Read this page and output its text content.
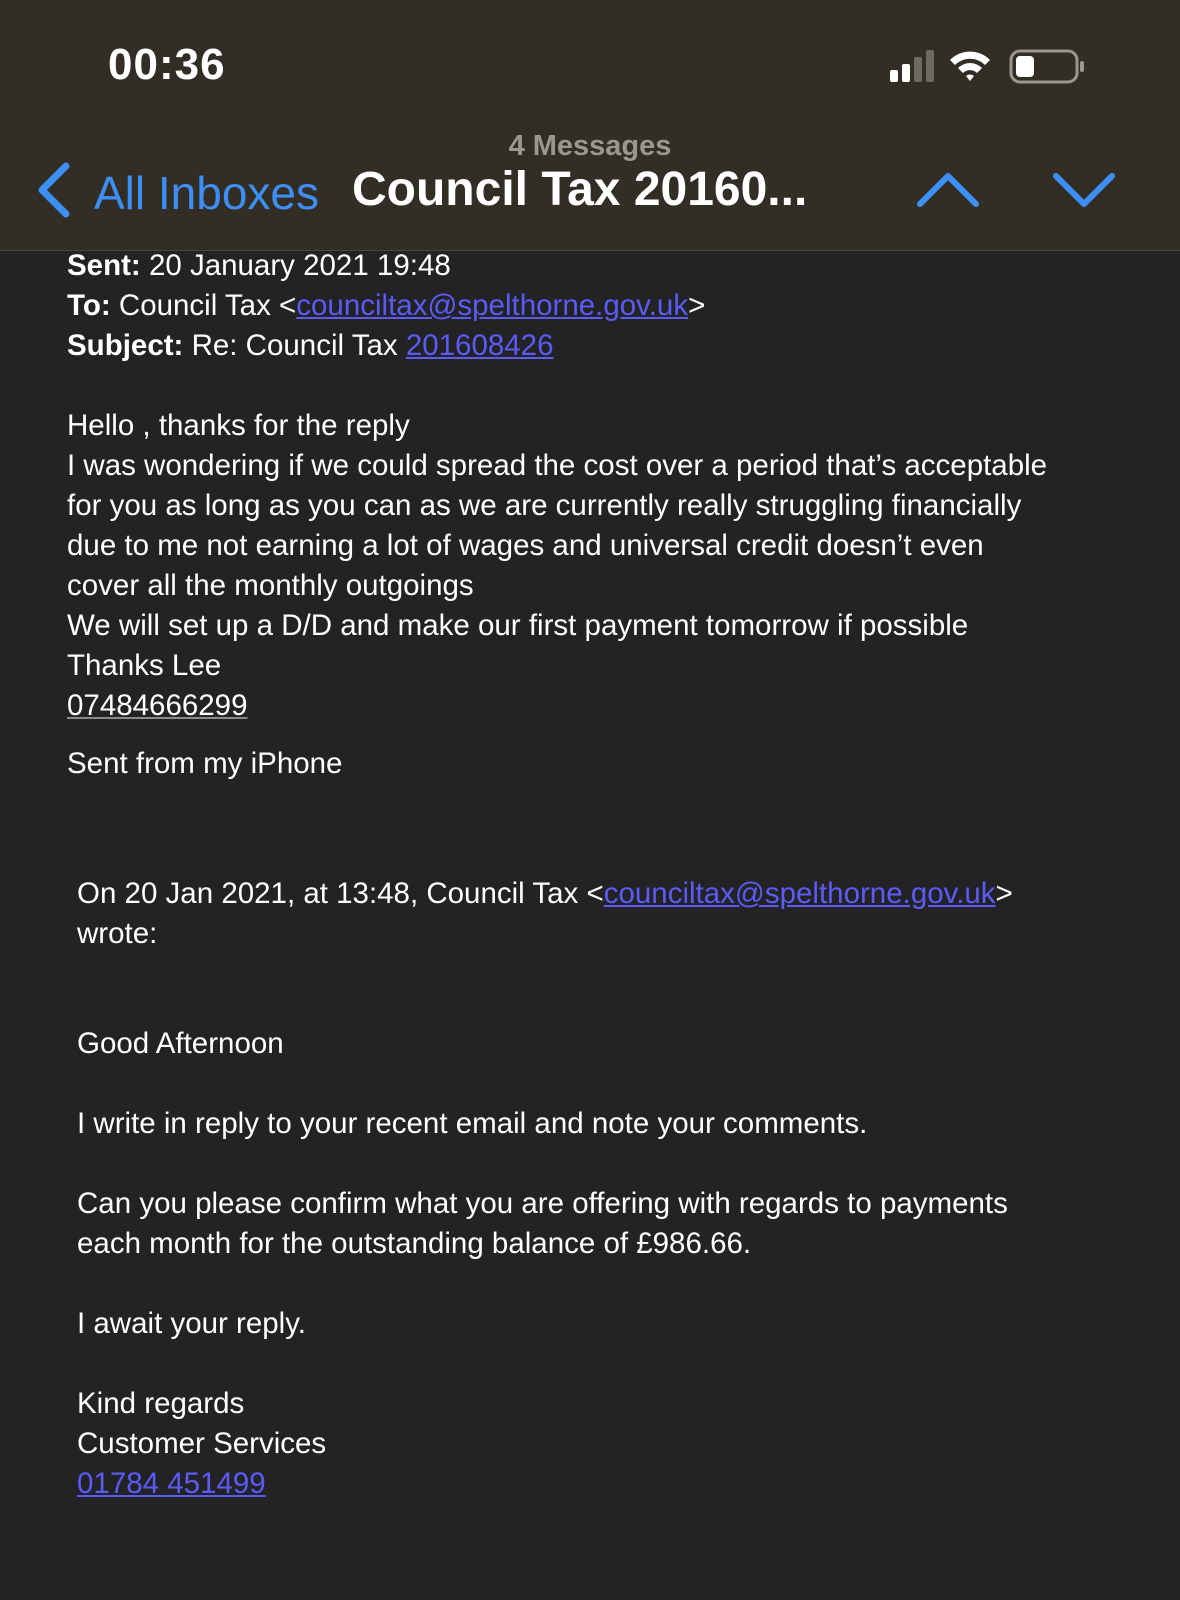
00:36
4 Messages
All Inboxes Council Tax 20160...

Sent: 20 January 2021 19:48

To: Council Tax <counciltax@spelthorne.gov.uk>

Subject: Re: Council Tax 201608426

Hello , thanks for the reply

I was wondering if we could spread the cost over a period that’s acceptable

for you as long as you can as we are currently really struggling financially

due to me not earning a lot of wages and universal credit doesn’t even

cover all the monthly outgoings

We will set up a D/D and make our first payment tomorrow if possible

Thanks Lee

07484666299

Sent from my iPhone

On 20 Jan 2021, at 13:48, Council Tax <counciltax@spelthorne.gov.uk>

wrote:

Good Afternoon

I write in reply to your recent email and note your comments.

Can you please confirm what you are offering with regards to payments

each month for the outstanding balance of £986.66.

I await your reply.

Kind regards

Customer Services

01784 451499
